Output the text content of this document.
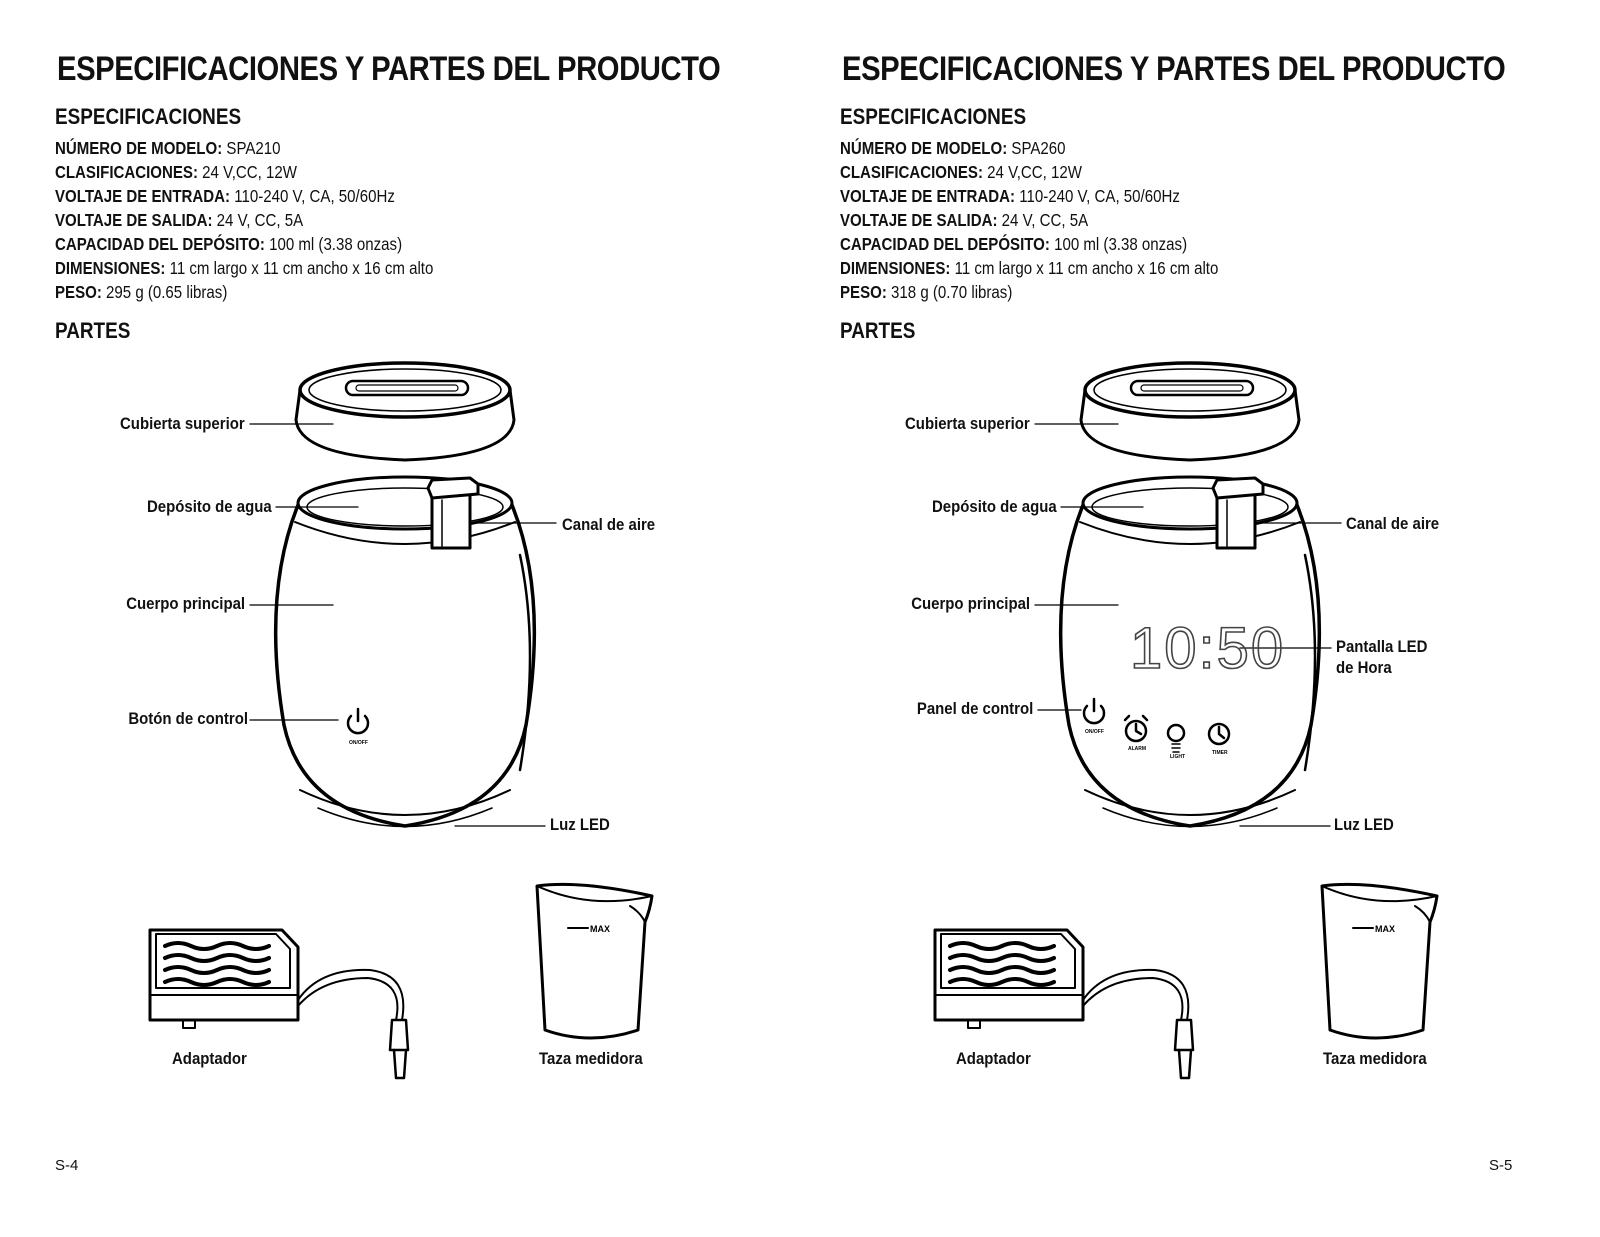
ESPECIFICACIONES Y PARTES DEL PRODUCTO
ESPECIFICACIONES
NÚMERO DE MODELO: SPA210
CLASIFICACIONES: 24 V,CC, 12W
VOLTAJE DE ENTRADA: 110-240 V, CA, 50/60Hz
VOLTAJE DE SALIDA: 24 V, CC, 5A
CAPACIDAD DEL DEPÓSITO: 100 ml (3.38 onzas)
DIMENSIONES: 11 cm largo x 11 cm ancho x 16 cm alto
PESO: 295 g (0.65 libras)
PARTES
MAX
ON/OFF
Cubierta superior
Depósito de agua
Canal de aire
Cuerpo principal
Botón de control
Luz LED
Adaptador	Taza medidora
S-4
ESPECIFICACIONES Y PARTES DEL PRODUCTO
ESPECIFICACIONES
NÚMERO DE MODELO: SPA260
CLASIFICACIONES: 24 V,CC, 12W
VOLTAJE DE ENTRADA: 110-240 V, CA, 50/60Hz
VOLTAJE DE SALIDA: 24 V, CC, 5A
CAPACIDAD DEL DEPÓSITO: 100 ml (3.38 onzas)
DIMENSIONES: 11 cm largo x 11 cm ancho x 16 cm alto
PESO: 318 g (0.70 libras)
PARTES
10:50
MAX
ON/OFF
ALARM
LIGHT
TIMER
Cubierta superior
Depósito de agua
Canal de aire
Cuerpo principal
Pantalla LED
de Hora
Panel de control
Luz LED
Adaptador	Taza medidora
S-5
